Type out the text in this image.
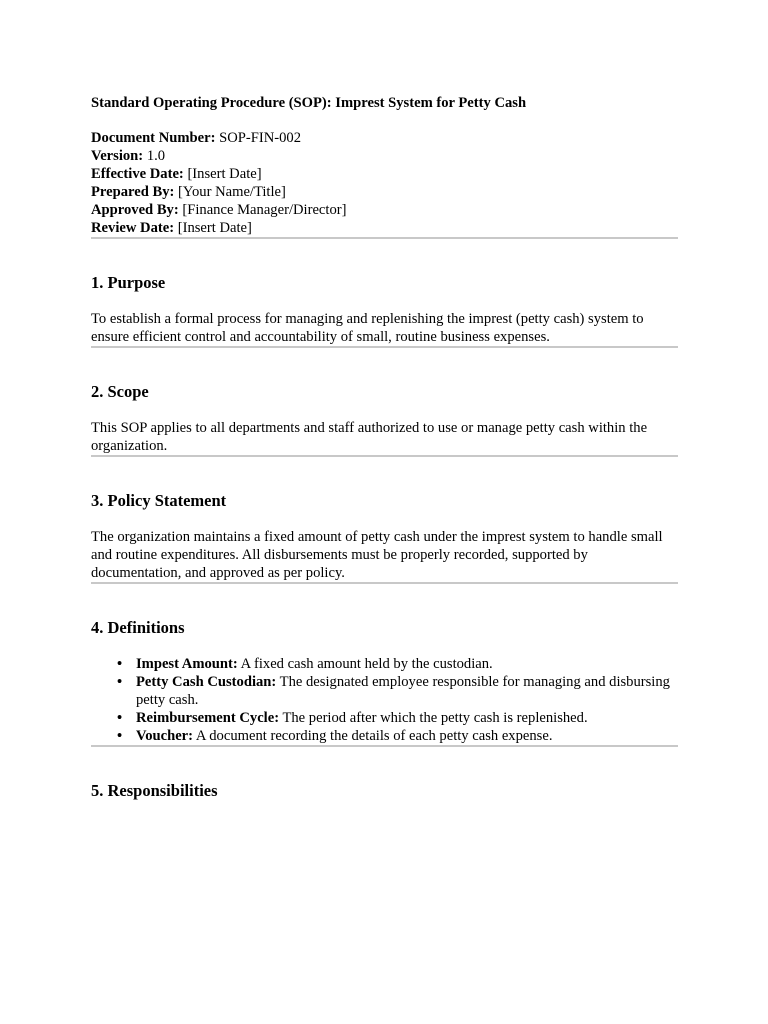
Standard Operating Procedure (SOP): Imprest System for Petty Cash

Document Number: SOP-FIN-002
Version: 1.0
Effective Date: [Insert Date]
Prepared By: [Your Name/Title]
Approved By: [Finance Manager/Director]
Review Date: [Insert Date]
1. Purpose
To establish a formal process for managing and replenishing the imprest (petty cash) system to ensure efficient control and accountability of small, routine business expenses.
2. Scope
This SOP applies to all departments and staff authorized to use or manage petty cash within the organization.
3. Policy Statement
The organization maintains a fixed amount of petty cash under the imprest system to handle small and routine expenditures. All disbursements must be properly recorded, supported by documentation, and approved as per policy.
4. Definitions
• Impest Amount: A fixed cash amount held by the custodian.
• Petty Cash Custodian: The designated employee responsible for managing and disbursing petty cash.
• Reimbursement Cycle: The period after which the petty cash is replenished.
• Voucher: A document recording the details of each petty cash expense.
5. Responsibilities
